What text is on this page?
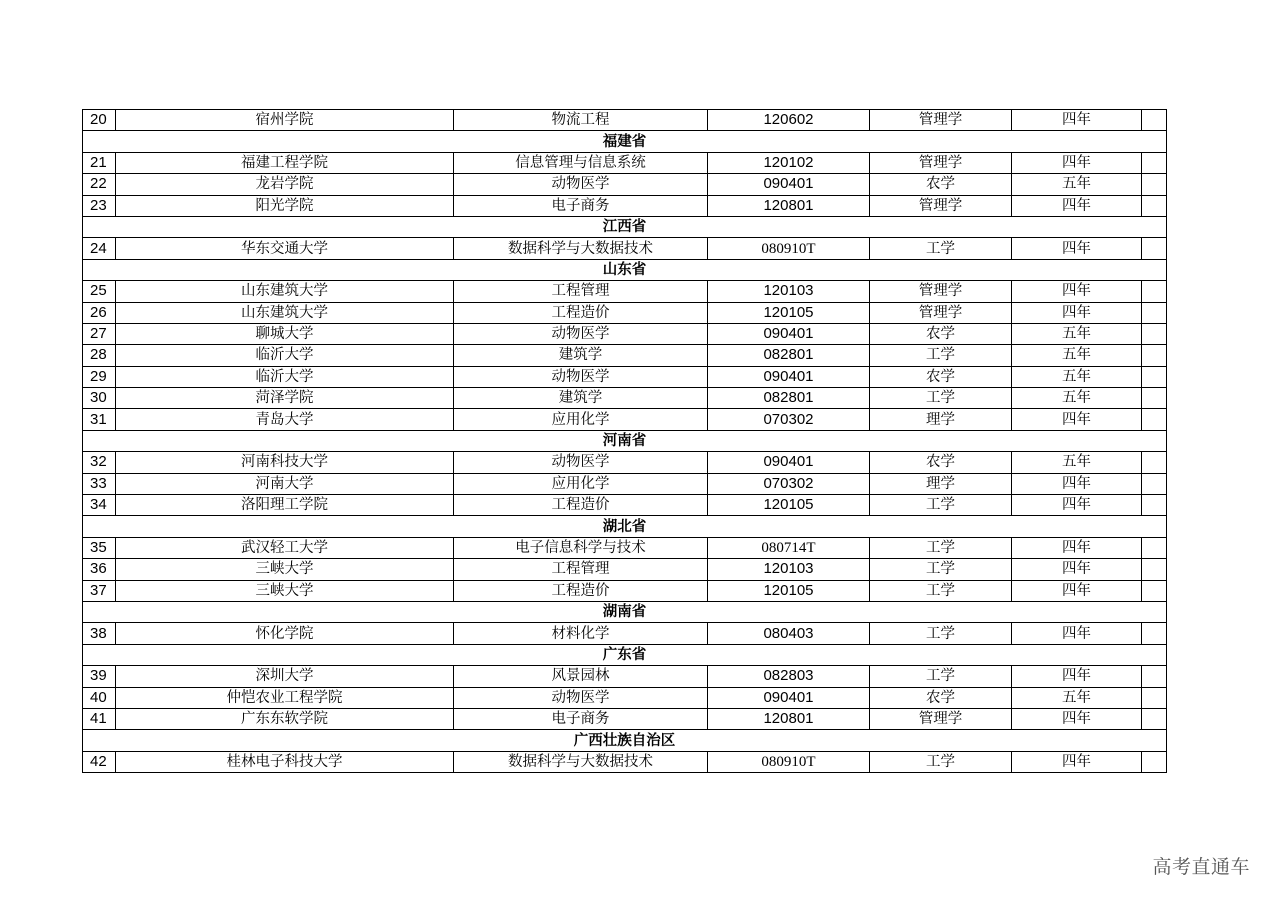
20	宿州学院	物流工程	120602	管理学	四年	
福建省						
21	福建工程学院	信息管理与信息系统	120102	管理学	四年	
22	龙岩学院	动物医学	090401	农学	五年	
23	阳光学院	电子商务	120801	管理学	四年	
江西省						
24	华东交通大学	数据科学与大数据技术	080910T	工学	四年	
山东省						
25	山东建筑大学	工程管理	120103	管理学	四年	
26	山东建筑大学	工程造价	120105	管理学	四年	
27	聊城大学	动物医学	090401	农学	五年	
28	临沂大学	建筑学	082801	工学	五年	
29	临沂大学	动物医学	090401	农学	五年	
30	菏泽学院	建筑学	082801	工学	五年	
31	青岛大学	应用化学	070302	理学	四年	
河南省						
32	河南科技大学	动物医学	090401	农学	五年	
33	河南大学	应用化学	070302	理学	四年	
34	洛阳理工学院	工程造价	120105	工学	四年	
湖北省						
35	武汉轻工大学	电子信息科学与技术	080714T	工学	四年	
36	三峡大学	工程管理	120103	工学	四年	
37	三峡大学	工程造价	120105	工学	四年	
湖南省						
38	怀化学院	材料化学	080403	工学	四年	
广东省						
39	深圳大学	风景园林	082803	工学	四年	
40	仲恺农业工程学院	动物医学	090401	农学	五年	
41	广东东软学院	电子商务	120801	管理学	四年	
广西壮族自治区						
42	桂林电子科技大学	数据科学与大数据技术	080910T	工学	四年	
高考直通车
